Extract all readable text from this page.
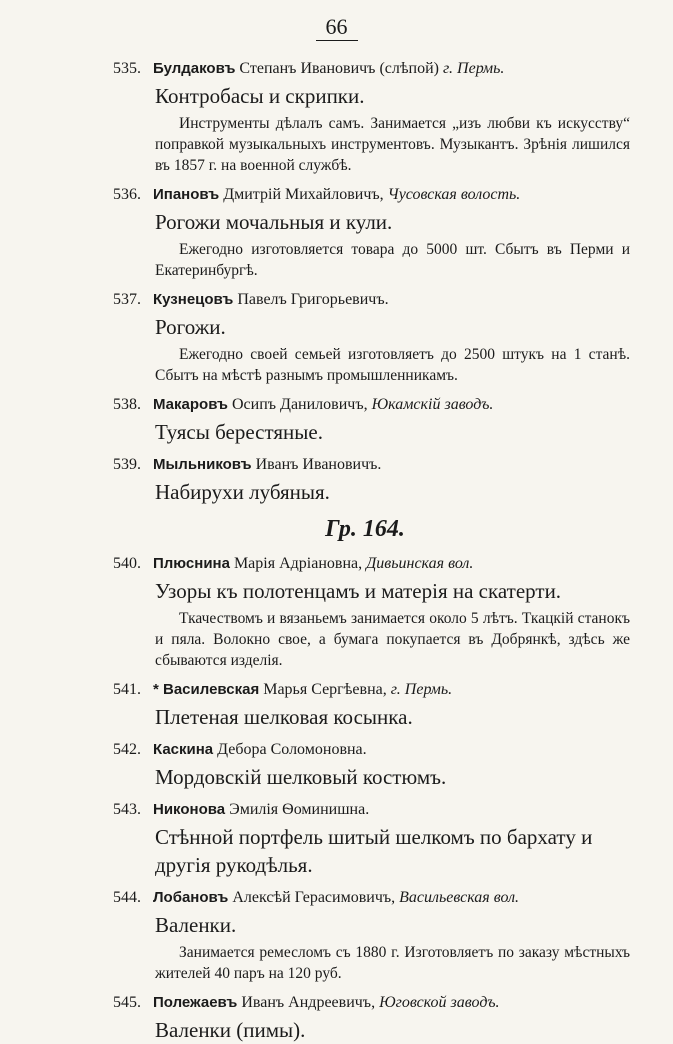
66
535. Булдаковъ Степанъ Ивановичъ (слѣпой) г. Пермь.
Контробасы и скрипки.
Инструменты дѣлалъ самъ. Занимается „изъ любви къ искусству“ поправкой музыкальныхъ инструментовъ. Музыкантъ. Зрѣнія лишился въ 1857 г. на военной службѣ.
536. Ипановъ Дмитрій Михайловичъ, Чусовская волость.
Рогожи мочальныя и кули.
Ежегодно изготовляется товара до 5000 шт. Сбытъ въ Перми и Екатеринбургѣ.
537. Кузнецовъ Павелъ Григорьевичъ.
Рогожи.
Ежегодно своей семьей изготовляетъ до 2500 штукъ на 1 станѣ. Сбытъ на мѣстѣ разнымъ промышленникамъ.
538. Макаровъ Осипъ Даниловичъ, Юкамскій заводъ.
Туясы берестяные.
539. Мыльниковъ Иванъ Ивановичъ.
Набирухи лубяныя.
Гр. 164.
540. Плюснина Марія Адріановна, Дивьинская вол.
Узоры къ полотенцамъ и матерія на скатерти.
Ткачествомъ и вязаньемъ занимается около 5 лѣтъ. Ткацкій станокъ и пяла. Волокно свое, а бумага покупается въ Добрянкѣ, здѣсь же сбываются изделія.
541. * Василевская Марья Сергѣевна, г. Пермь.
Плетеная шелковая косынка.
542. Каскина Дебора Соломоновна.
Мордовскій шелковый костюмъ.
543. Никонова Эмилія Ѳоминишна.
Стѣнной портфель шитый шелкомъ по бархату и другія рукодѣлья.
544. Лобановъ Алексѣй Герасимовичъ, Васильевская вол.
Валенки.
Занимается ремесломъ съ 1880 г. Изготовляетъ по заказу мѣстныхъ жителей 40 паръ на 120 руб.
545. Полежаевъ Иванъ Андреевичъ, Юговской заводъ.
Валенки (пимы).
